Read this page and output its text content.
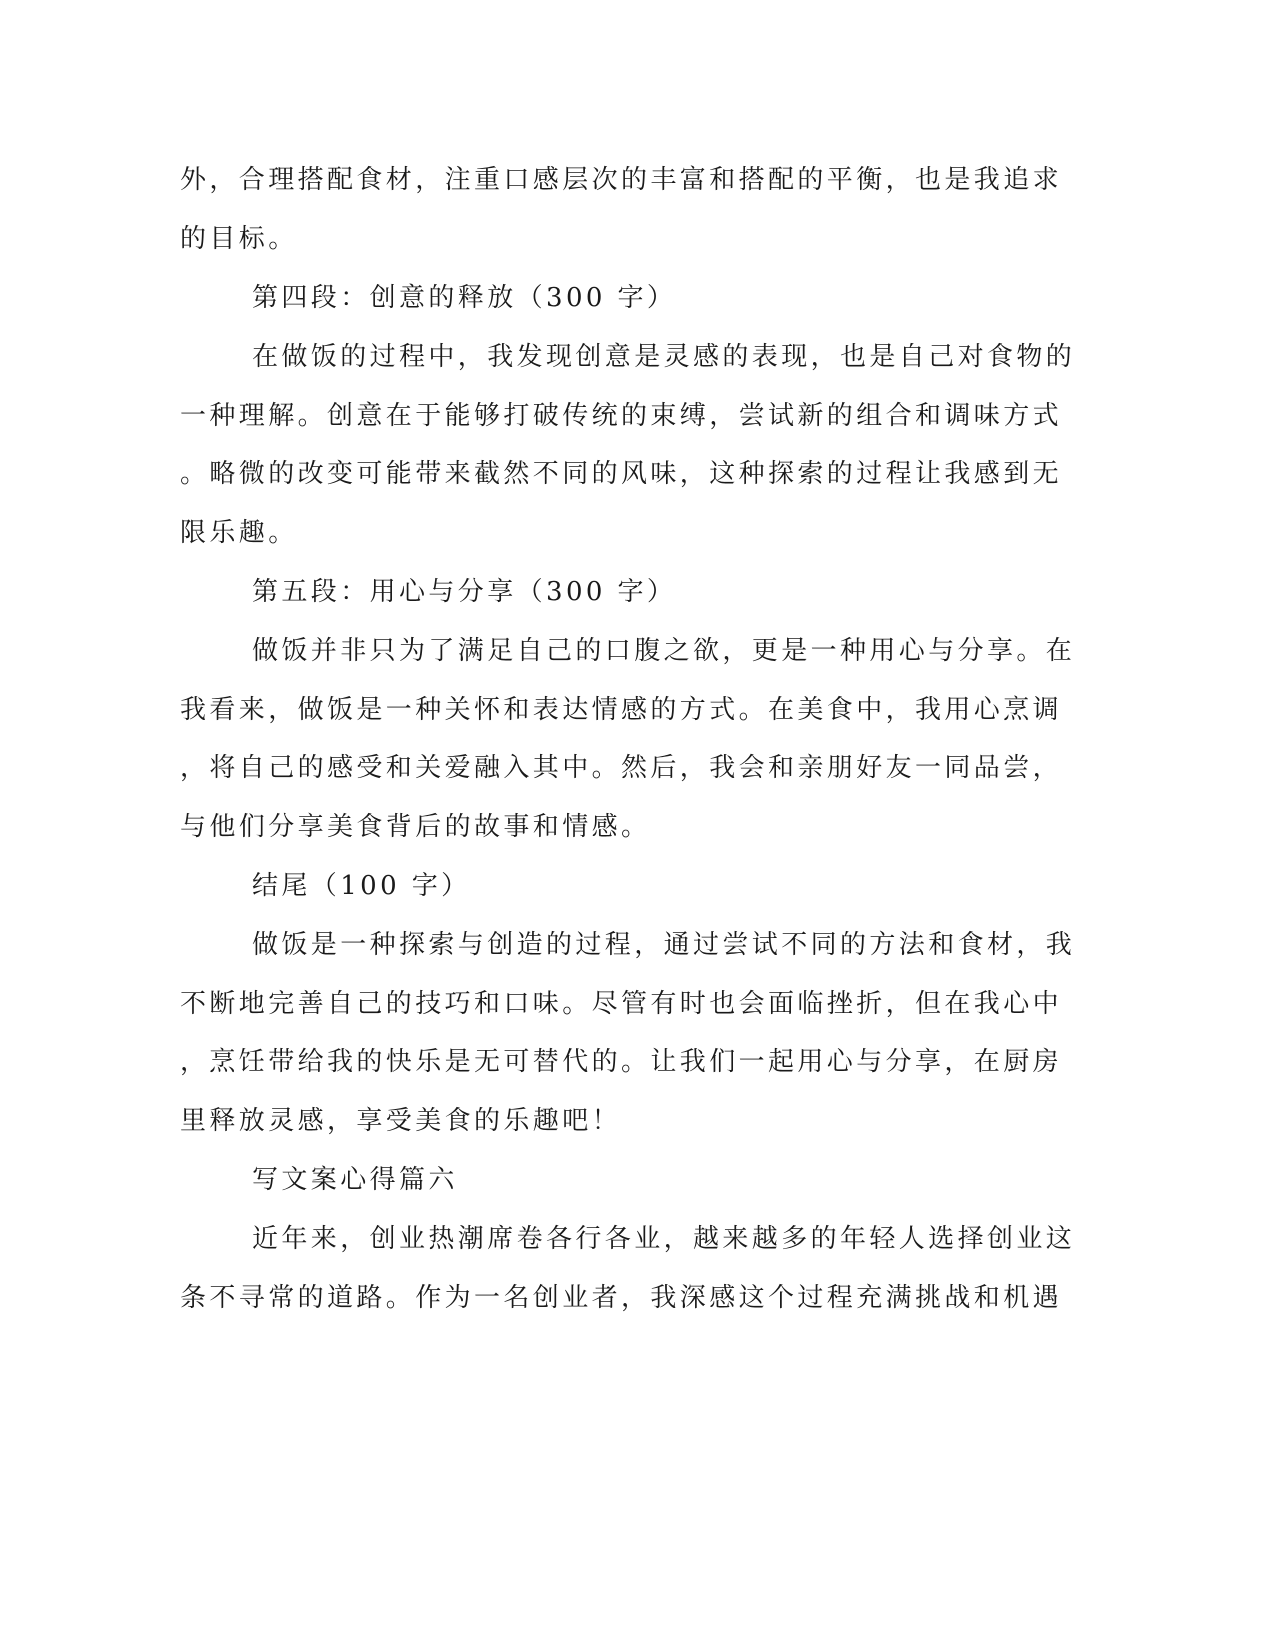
外，合理搭配食材，注重口感层次的丰富和搭配的平衡，也是我追求
的目标。
第四段：创意的释放（300 字）
在做饭的过程中，我发现创意是灵感的表现，也是自己对食物的
一种理解。创意在于能够打破传统的束缚，尝试新的组合和调味方式
。略微的改变可能带来截然不同的风味，这种探索的过程让我感到无
限乐趣。
第五段：用心与分享（300 字）
做饭并非只为了满足自己的口腹之欲，更是一种用心与分享。在
我看来，做饭是一种关怀和表达情感的方式。在美食中，我用心烹调
，将自己的感受和关爱融入其中。然后，我会和亲朋好友一同品尝，
与他们分享美食背后的故事和情感。
结尾（100 字）
做饭是一种探索与创造的过程，通过尝试不同的方法和食材，我
不断地完善自己的技巧和口味。尽管有时也会面临挫折，但在我心中
，烹饪带给我的快乐是无可替代的。让我们一起用心与分享，在厨房
里释放灵感，享受美食的乐趣吧！
写文案心得篇六
近年来，创业热潮席卷各行各业，越来越多的年轻人选择创业这
条不寻常的道路。作为一名创业者，我深感这个过程充满挑战和机遇
